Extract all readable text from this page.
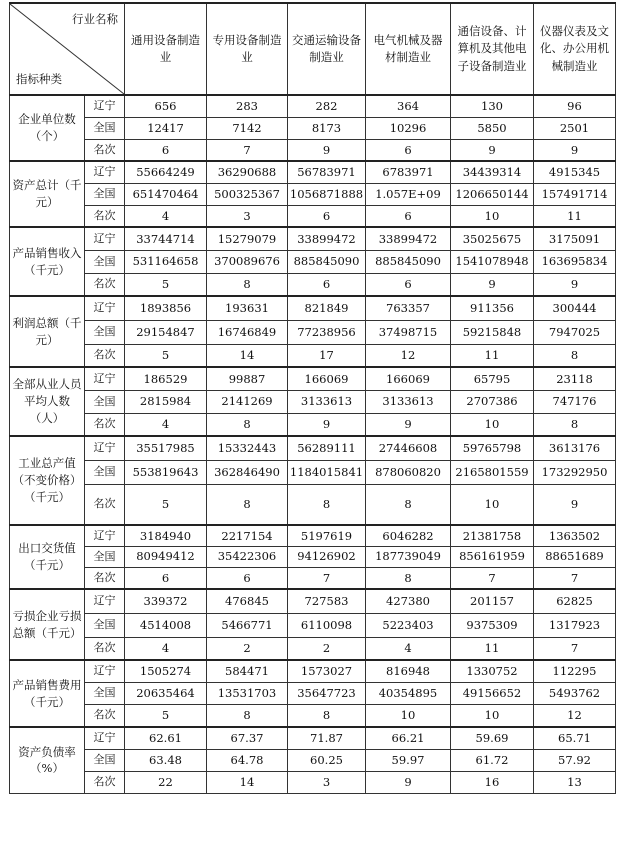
行业名称
指标种类		通用设备制造业	专用设备制造业	交通运输设备制造业	电气机械及器材制造业	通信设备、计算机及其他电子设备制造业	仪器仪表及文化、办公用机械制造业
企业单位数（个）	辽宁	656	283	282	364	130	96
	全国	12417	7142	8173	10296	5850	2501
	名次	6	7	9	6	9	9
资产总计（千元）	辽宁	55664249	36290688	56783971	6783971	34439314	4915345
	全国	651470464	500325367	1056871888	1.057E+09	1206650144	157491714
	名次	4	3	6	6	10	11
产品销售收入（千元）	辽宁	33744714	15279079	33899472	33899472	35025675	3175091
	全国	531164658	370089676	885845090	885845090	1541078948	163695834
	名次	5	8	6	6	9	9
利润总额（千元）	辽宁	1893856	193631	821849	763357	911356	300444
	全国	29154847	16746849	77238956	37498715	59215848	7947025
	名次	5	14	17	12	11	8
全部从业人员平均人数（人）	辽宁	186529	99887	166069	166069	65795	23118
	全国	2815984	2141269	3133613	3133613	2707386	747176
	名次	4	8	9	9	10	8
工业总产值（不变价格）（千元）	辽宁	35517985	15332443	56289111	27446608	59765798	3613176
	全国	553819643	362846490	1184015841	878060820	2165801559	173292950
	名次	5	8	8	8	10	9
出口交货值（千元）	辽宁	3184940	2217154	5197619	6046282	21381758	1363502
	全国	80949412	35422306	94126902	187739049	856161959	88651689
	名次	6	6	7	8	7	7
亏损企业亏损总额（千元）	辽宁	339372	476845	727583	427380	201157	62825
	全国	4514008	5466771	6110098	5223403	9375309	1317923
	名次	4	2	2	4	11	7
产品销售费用（千元）	辽宁	1505274	584471	1573027	816948	1330752	112295
	全国	20635464	13531703	35647723	40354895	49156652	5493762
	名次	5	8	8	10	10	12
资产负债率（%）	辽宁	62.61	67.37	71.87	66.21	59.69	65.71
	全国	63.48	64.78	60.25	59.97	61.72	57.92
	名次	22	14	3	9	16	13
